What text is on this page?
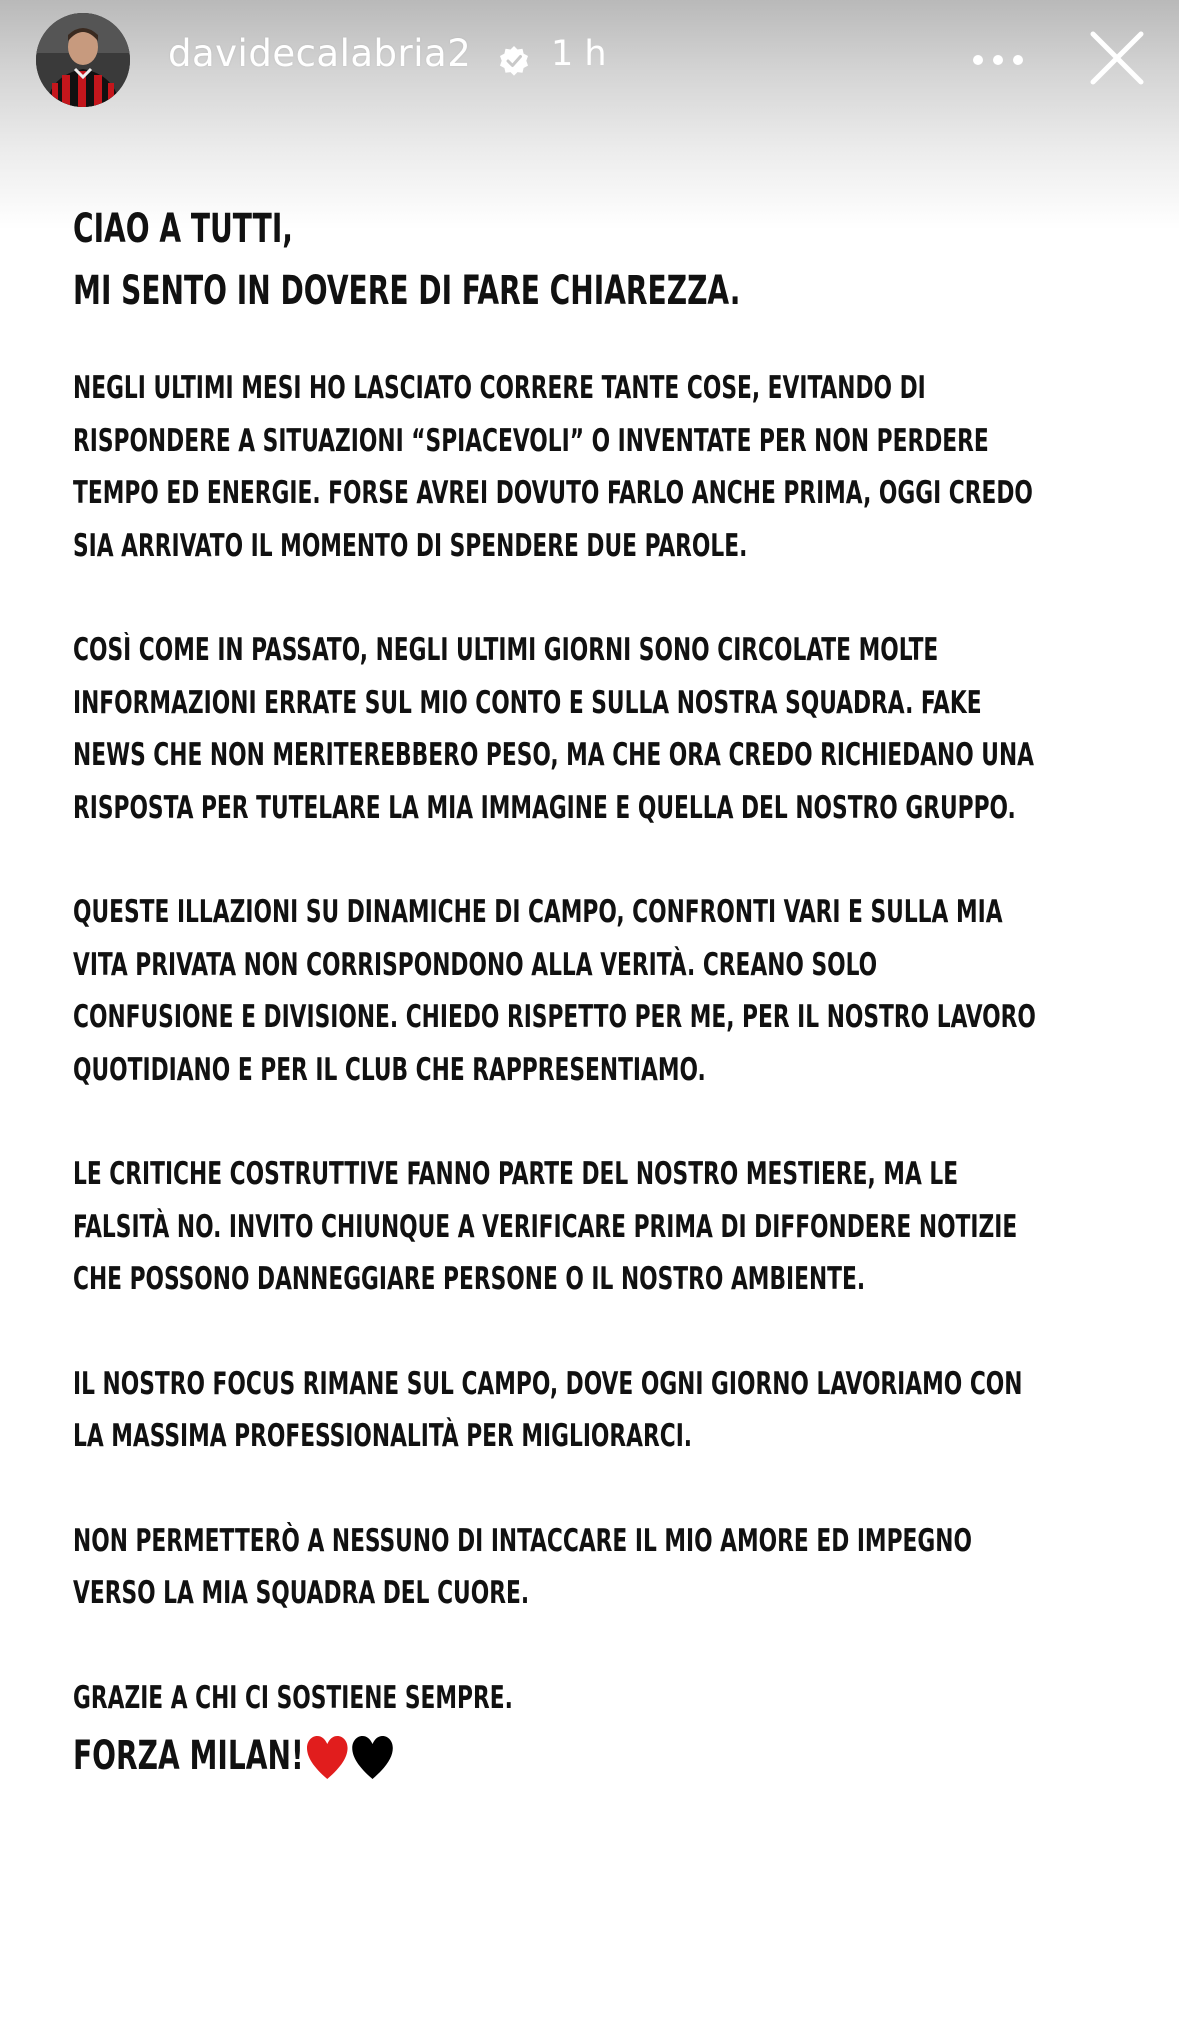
davidecalabria2 1 h
CIAO A TUTTI,
MI SENTO IN DOVERE DI FARE CHIAREZZA.
NEGLI ULTIMI MESI HO LASCIATO CORRERE TANTE COSE, EVITANDO DI
RISPONDERE A SITUAZIONI “SPIACEVOLI” O INVENTATE PER NON PERDERE
TEMPO ED ENERGIE. FORSE AVREI DOVUTO FARLO ANCHE PRIMA, OGGI CREDO
SIA ARRIVATO IL MOMENTO DI SPENDERE DUE PAROLE.
COSÌ COME IN PASSATO, NEGLI ULTIMI GIORNI SONO CIRCOLATE MOLTE
INFORMAZIONI ERRATE SUL MIO CONTO E SULLA NOSTRA SQUADRA. FAKE
NEWS CHE NON MERITEREBBERO PESO, MA CHE ORA CREDO RICHIEDANO UNA
RISPOSTA PER TUTELARE LA MIA IMMAGINE E QUELLA DEL NOSTRO GRUPPO.
QUESTE ILLAZIONI SU DINAMICHE DI CAMPO, CONFRONTI VARI E SULLA MIA
VITA PRIVATA NON CORRISPONDONO ALLA VERITÀ. CREANO SOLO
CONFUSIONE E DIVISIONE. CHIEDO RISPETTO PER ME, PER IL NOSTRO LAVORO
QUOTIDIANO E PER IL CLUB CHE RAPPRESENTIAMO.
LE CRITICHE COSTRUTTIVE FANNO PARTE DEL NOSTRO MESTIERE, MA LE
FALSITÀ NO. INVITO CHIUNQUE A VERIFICARE PRIMA DI DIFFONDERE NOTIZIE
CHE POSSONO DANNEGGIARE PERSONE O IL NOSTRO AMBIENTE.
IL NOSTRO FOCUS RIMANE SUL CAMPO, DOVE OGNI GIORNO LAVORIAMO CON
LA MASSIMA PROFESSIONALITÀ PER MIGLIORARCI.
NON PERMETTERÒ A NESSUNO DI INTACCARE IL MIO AMORE ED IMPEGNO
VERSO LA MIA SQUADRA DEL CUORE.
GRAZIE A CHI CI SOSTIENE SEMPRE.
FORZA MILAN!
